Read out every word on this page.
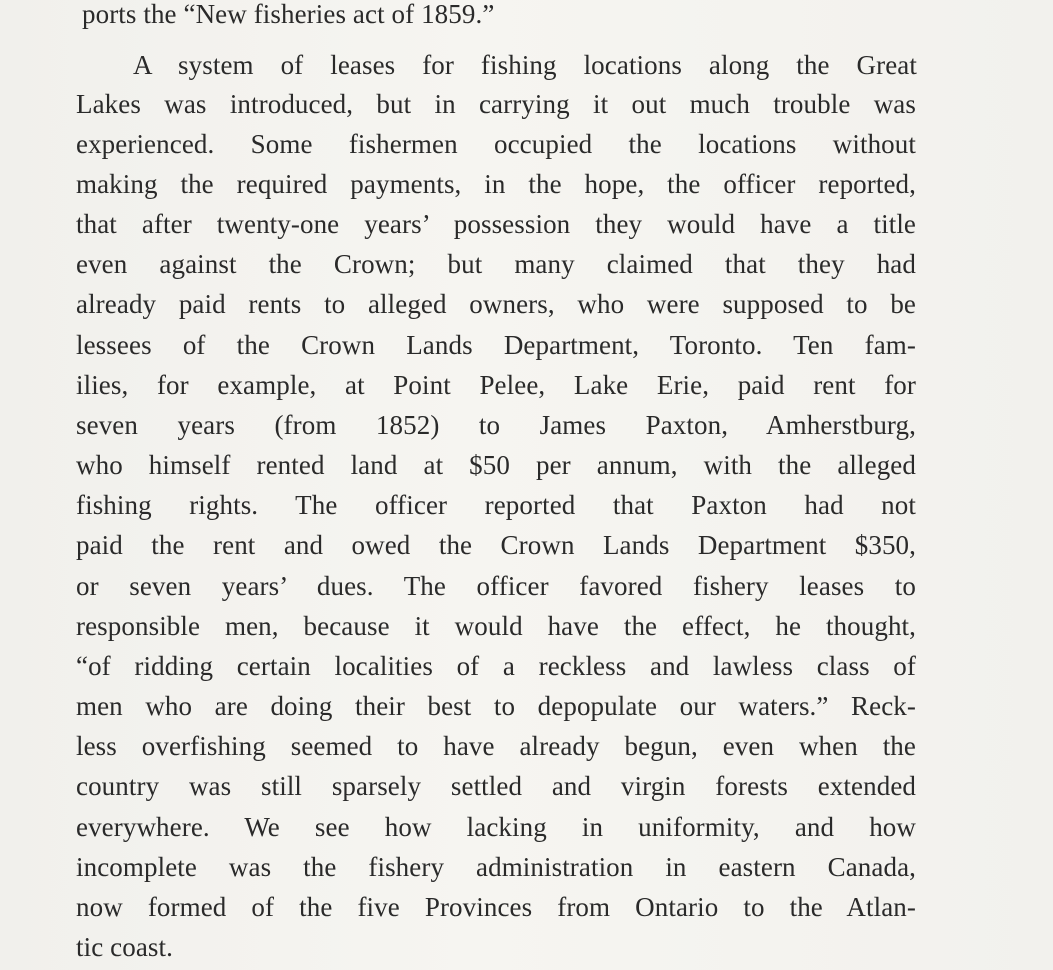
ports the “New fisheries act of 1859.”
A system of leases for fishing locations along the Great
Lakes was introduced, but in carrying it out much trouble was
experienced. Some fishermen occupied the locations without
making the required payments, in the hope, the officer reported,
that after twenty-one years’ possession they would have a title
even against the Crown; but many claimed that they had
already paid rents to alleged owners, who were supposed to be
lessees of the Crown Lands Department, Toronto. Ten fam-
ilies, for example, at Point Pelee, Lake Erie, paid rent for
seven years (from 1852) to James Paxton, Amherstburg,
who himself rented land at $50 per annum, with the alleged
fishing rights. The officer reported that Paxton had not
paid the rent and owed the Crown Lands Department $350,
or seven years’ dues. The officer favored fishery leases to
responsible men, because it would have the effect, he thought,
“of ridding certain localities of a reckless and lawless class of
men who are doing their best to depopulate our waters.” Reck-
less overfishing seemed to have already begun, even when the
country was still sparsely settled and virgin forests extended
everywhere. We see how lacking in uniformity, and how
incomplete was the fishery administration in eastern Canada,
now formed of the five Provinces from Ontario to the Atlan-
tic coast.
